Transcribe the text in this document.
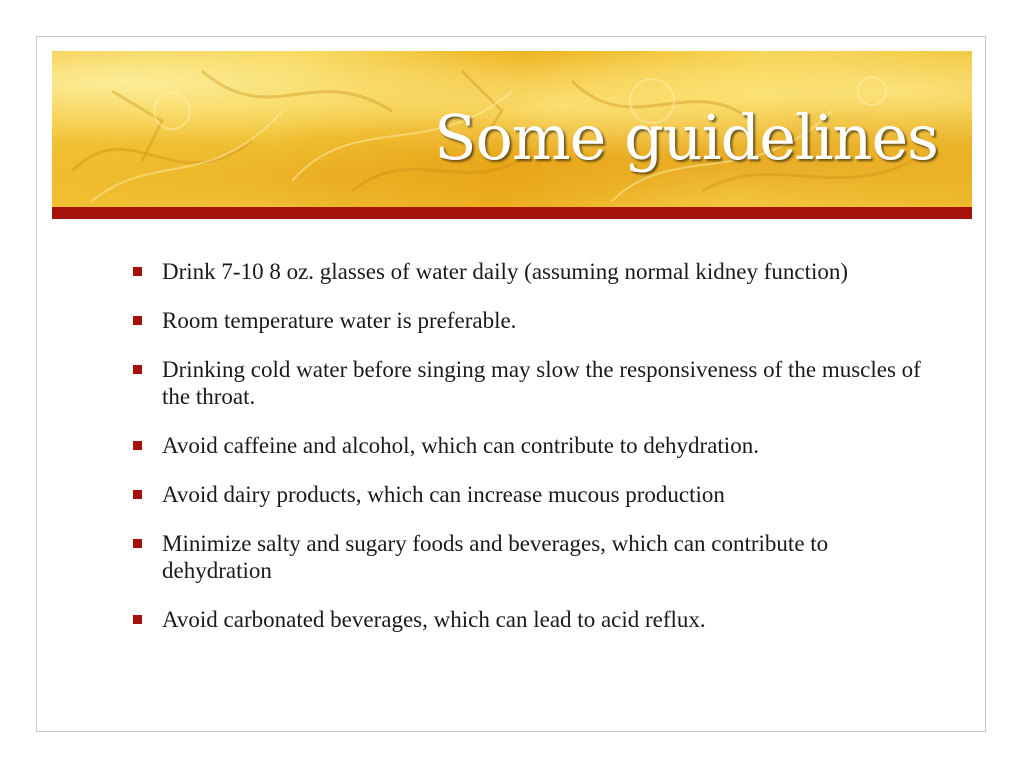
Some guidelines
Drink 7-10 8 oz. glasses of water daily (assuming normal kidney function)
Room temperature water is preferable.
Drinking cold water before singing may slow the responsiveness of the muscles of the throat.
Avoid caffeine and alcohol, which can contribute to dehydration.
Avoid dairy products, which can increase mucous production
Minimize salty and sugary foods and beverages, which can contribute to dehydration
Avoid carbonated beverages, which can lead to acid reflux.
